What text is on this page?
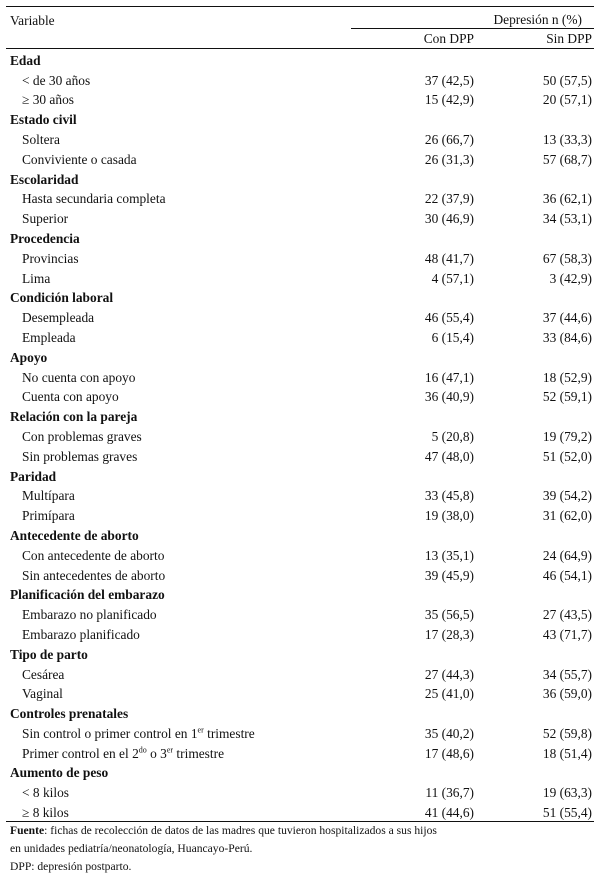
Variable		Depresión n (%)	
		Con DPP	Sin DPP
Edad			
< de 30 años		37 (42,5)	50 (57,5)
≥ 30 años		15 (42,9)	20 (57,1)
Estado civil			
Soltera		26 (66,7)	13 (33,3)
Conviviente o casada		26 (31,3)	57 (68,7)
Escolaridad			
Hasta secundaria completa		22 (37,9)	36 (62,1)
Superior		30 (46,9)	34 (53,1)
Procedencia			
Provincias		48 (41,7)	67 (58,3)
Lima		4 (57,1)	3 (42,9)
Condición laboral			
Desempleada		46 (55,4)	37 (44,6)
Empleada		6 (15,4)	33 (84,6)
Apoyo			
No cuenta con apoyo		16 (47,1)	18 (52,9)
Cuenta con apoyo		36 (40,9)	52 (59,1)
Relación con la pareja			
Con problemas graves		5 (20,8)	19 (79,2)
Sin problemas graves		47 (48,0)	51 (52,0)
Paridad			
Multípara		33 (45,8)	39 (54,2)
Primípara		19 (38,0)	31 (62,0)
Antecedente de aborto			
Con antecedente de aborto		13 (35,1)	24 (64,9)
Sin antecedentes de aborto		39 (45,9)	46 (54,1)
Planificación del embarazo			
Embarazo no planificado		35 (56,5)	27 (43,5)
Embarazo planificado		17 (28,3)	43 (71,7)
Tipo de parto			
Cesárea		27 (44,3)	34 (55,7)
Vaginal		25 (41,0)	36 (59,0)
Controles prenatales			
Sin control o primer control en 1er trimestre		35 (40,2)	52 (59,8)
Primer control en el $2^{do}$ o 3er trimestre		17 (48,6)	18 (51,4)
Aumento de peso			
< 8 kilos		11 (36,7)	19 (63,3)
≥ 8 kilos		41 (44,6)	51 (55,4)
Fuente: fichas de recolección de datos de las madres que tuvieron hospitalizados a sus hijos
en unidades pediatría/neonatología, Huancayo-Perú.
DPP: depresión postparto.
